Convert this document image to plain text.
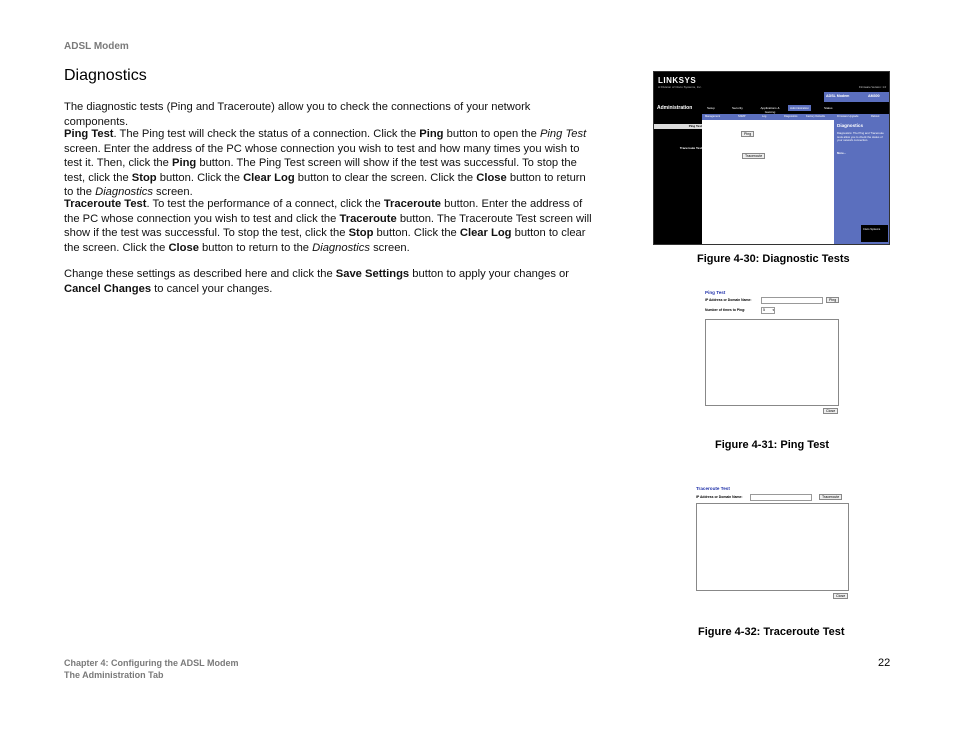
ADSL Modem
Diagnostics
The diagnostic tests (Ping and Traceroute) allow you to check the connections of your network components.
Ping Test. The Ping test will check the status of a connection. Click the Ping button to open the Ping Test screen. Enter the address of the PC whose connection you wish to test and how many times you wish to test it. Then, click the Ping button. The Ping Test screen will show if the test was successful. To stop the test, click the Stop button. Click the Clear Log button to clear the screen. Click the Close button to return to the Diagnostics screen.
Traceroute Test. To test the performance of a connect, click the Traceroute button. Enter the address of the PC whose connection you wish to test and click the Traceroute button. The Traceroute Test screen will show if the test was successful. To stop the test, click the Stop button. Click the Clear Log button to clear the screen. Click the Close button to return to the Diagnostics screen.
Change these settings as described here and click the Save Settings button to apply your changes or Cancel Changes to cancel your changes.
LINKSYS
A Division of Cisco Systems, Inc.	Firmware Version: 1.0
ADSL Modem	AM300
Administration	Setup	Security	Applications & Gaming
Administration	Status
Management	SNMP	Log	Diagnostics	Factory Defaults	Firmware Upgrade	Reboot
Ping Test
Traceroute Test
Ping
Traceroute
Diagnostics
Diagnostics: The Ping and Traceroute tests allow you to check the status of your network connection.
More...
Cisco Systems
Figure 4-30: Diagnostic Tests
Ping Test
IP Address or Domain Name:	Ping
Number of times to Ping:	5 ▾
Close
Figure 4-31: Ping Test
Traceroute Test
IP Address or Domain Name:	Traceroute
Close
Figure 4-32: Traceroute Test
Chapter 4: Configuring the ADSL Modem
The Administration Tab
22
